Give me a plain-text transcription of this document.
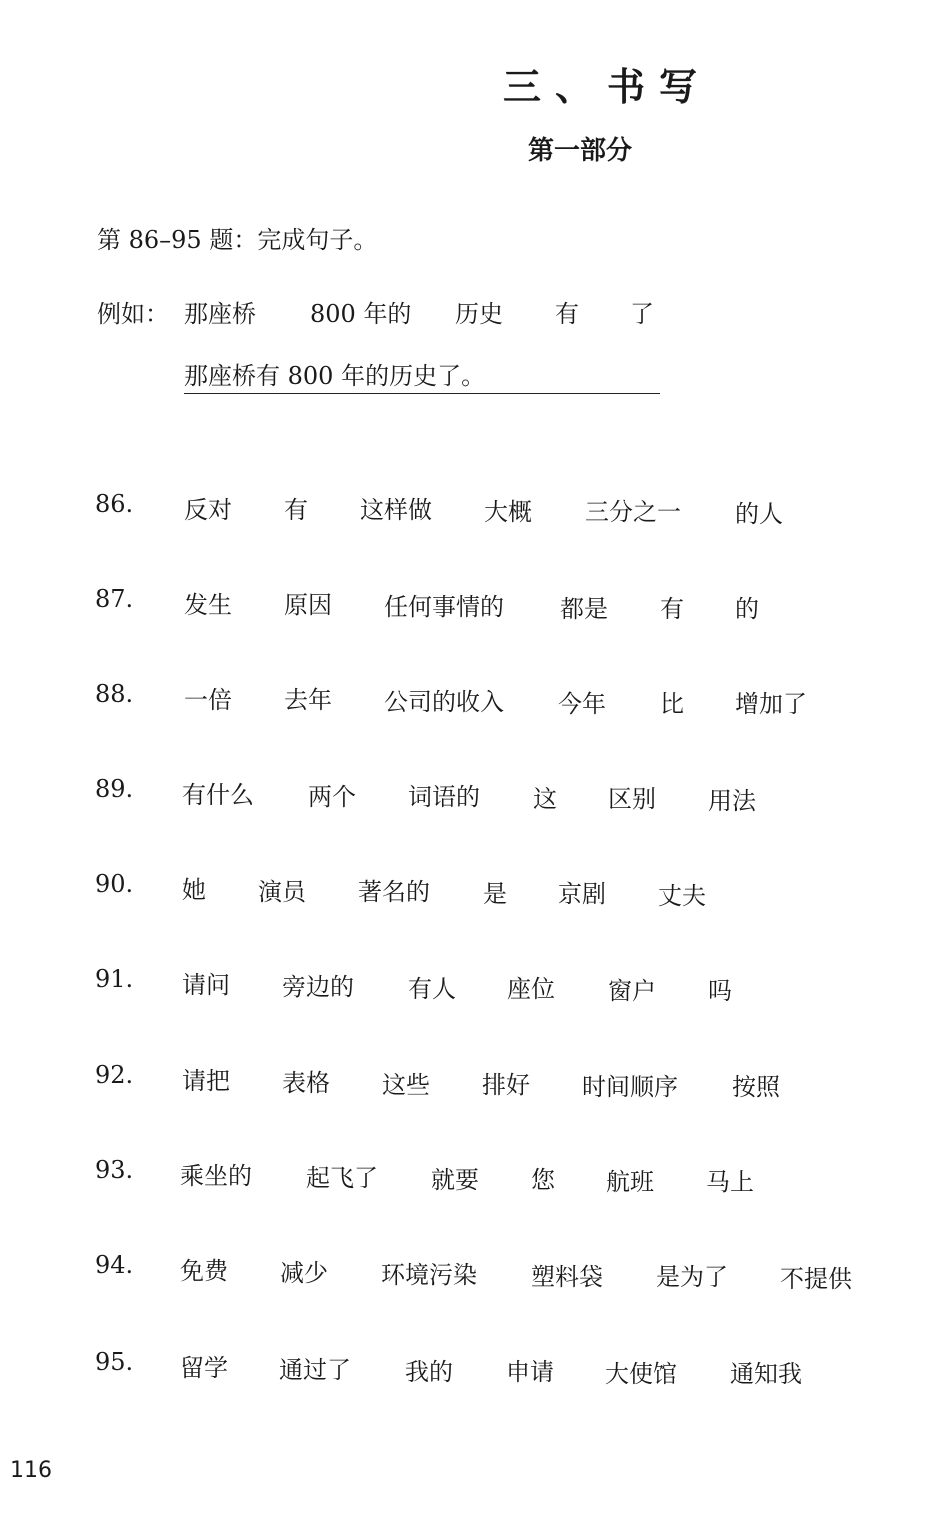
三、书写
第一部分
第 86–95 题：完成句子。
例如： 那座桥 800 年的 历史 有 了
那座桥有 800 年的历史了。
86. 反对 有 这样做 大概 三分之一 的人
87. 发生 原因 任何事情的 都是 有 的
88. 一倍 去年 公司的收入 今年 比 增加了
89. 有什么 两个 词语的 这 区别 用法
90. 她 演员 著名的 是 京剧 丈夫
91. 请问 旁边的 有人 座位 窗户 吗
92. 请把 表格 这些 排好 时间顺序 按照
93. 乘坐的 起飞了 就要 您 航班 马上
94. 免费 减少 环境污染 塑料袋 是为了 不提供
95. 留学 通过了 我的 申请 大使馆 通知我
116
